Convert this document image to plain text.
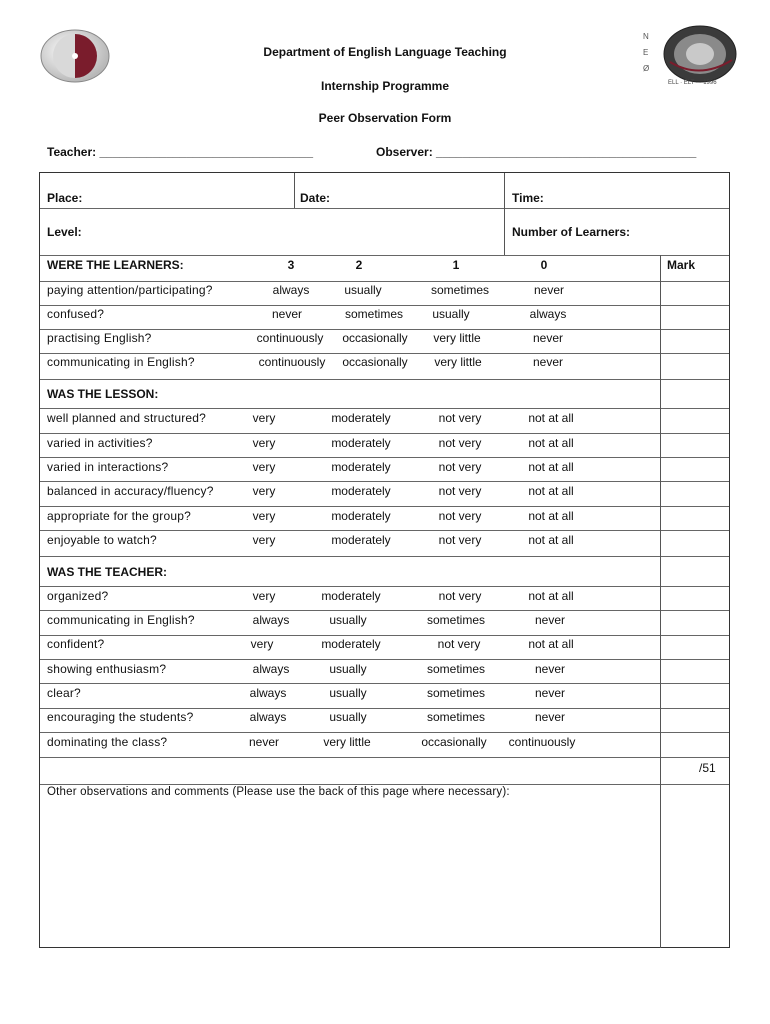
N
E
Ø
ELL · ELT · · 1996
Department of English Language Teaching
Internship Programme
Peer Observation Form
Teacher: ________________________________	Observer: _______________________________________
Place:	Date:	Time:
Level:	Number of Learners:
WERE THE LEARNERS:	3	2	1	0	Mark
paying attention/participating?	always	usually	sometimes	never
confused?	never	sometimes	usually	always
practising English?	continuously	occasionally	very little	never
communicating in English?	continuously	occasionally	very little	never
WAS THE LESSON:
well planned and structured?	very	moderately	not very	not at all
varied in activities?	very	moderately	not very	not at all
varied in interactions?	very	moderately	not very	not at all
balanced in accuracy/fluency?	very	moderately	not very	not at all
appropriate for the group?	very	moderately	not very	not at all
enjoyable to watch?	very	moderately	not very	not at all
WAS THE TEACHER:
organized?	very	moderately	not very	not at all
communicating in English?	always	usually	sometimes	never
confident?	very	moderately	not very	not at all
showing enthusiasm?	always	usually	sometimes	never
clear?	always	usually	sometimes	never
encouraging the students?	always	usually	sometimes	never
dominating the class?	never	very little	occasionally	continuously
/51
Other observations and comments (Please use the back of this page where necessary):
